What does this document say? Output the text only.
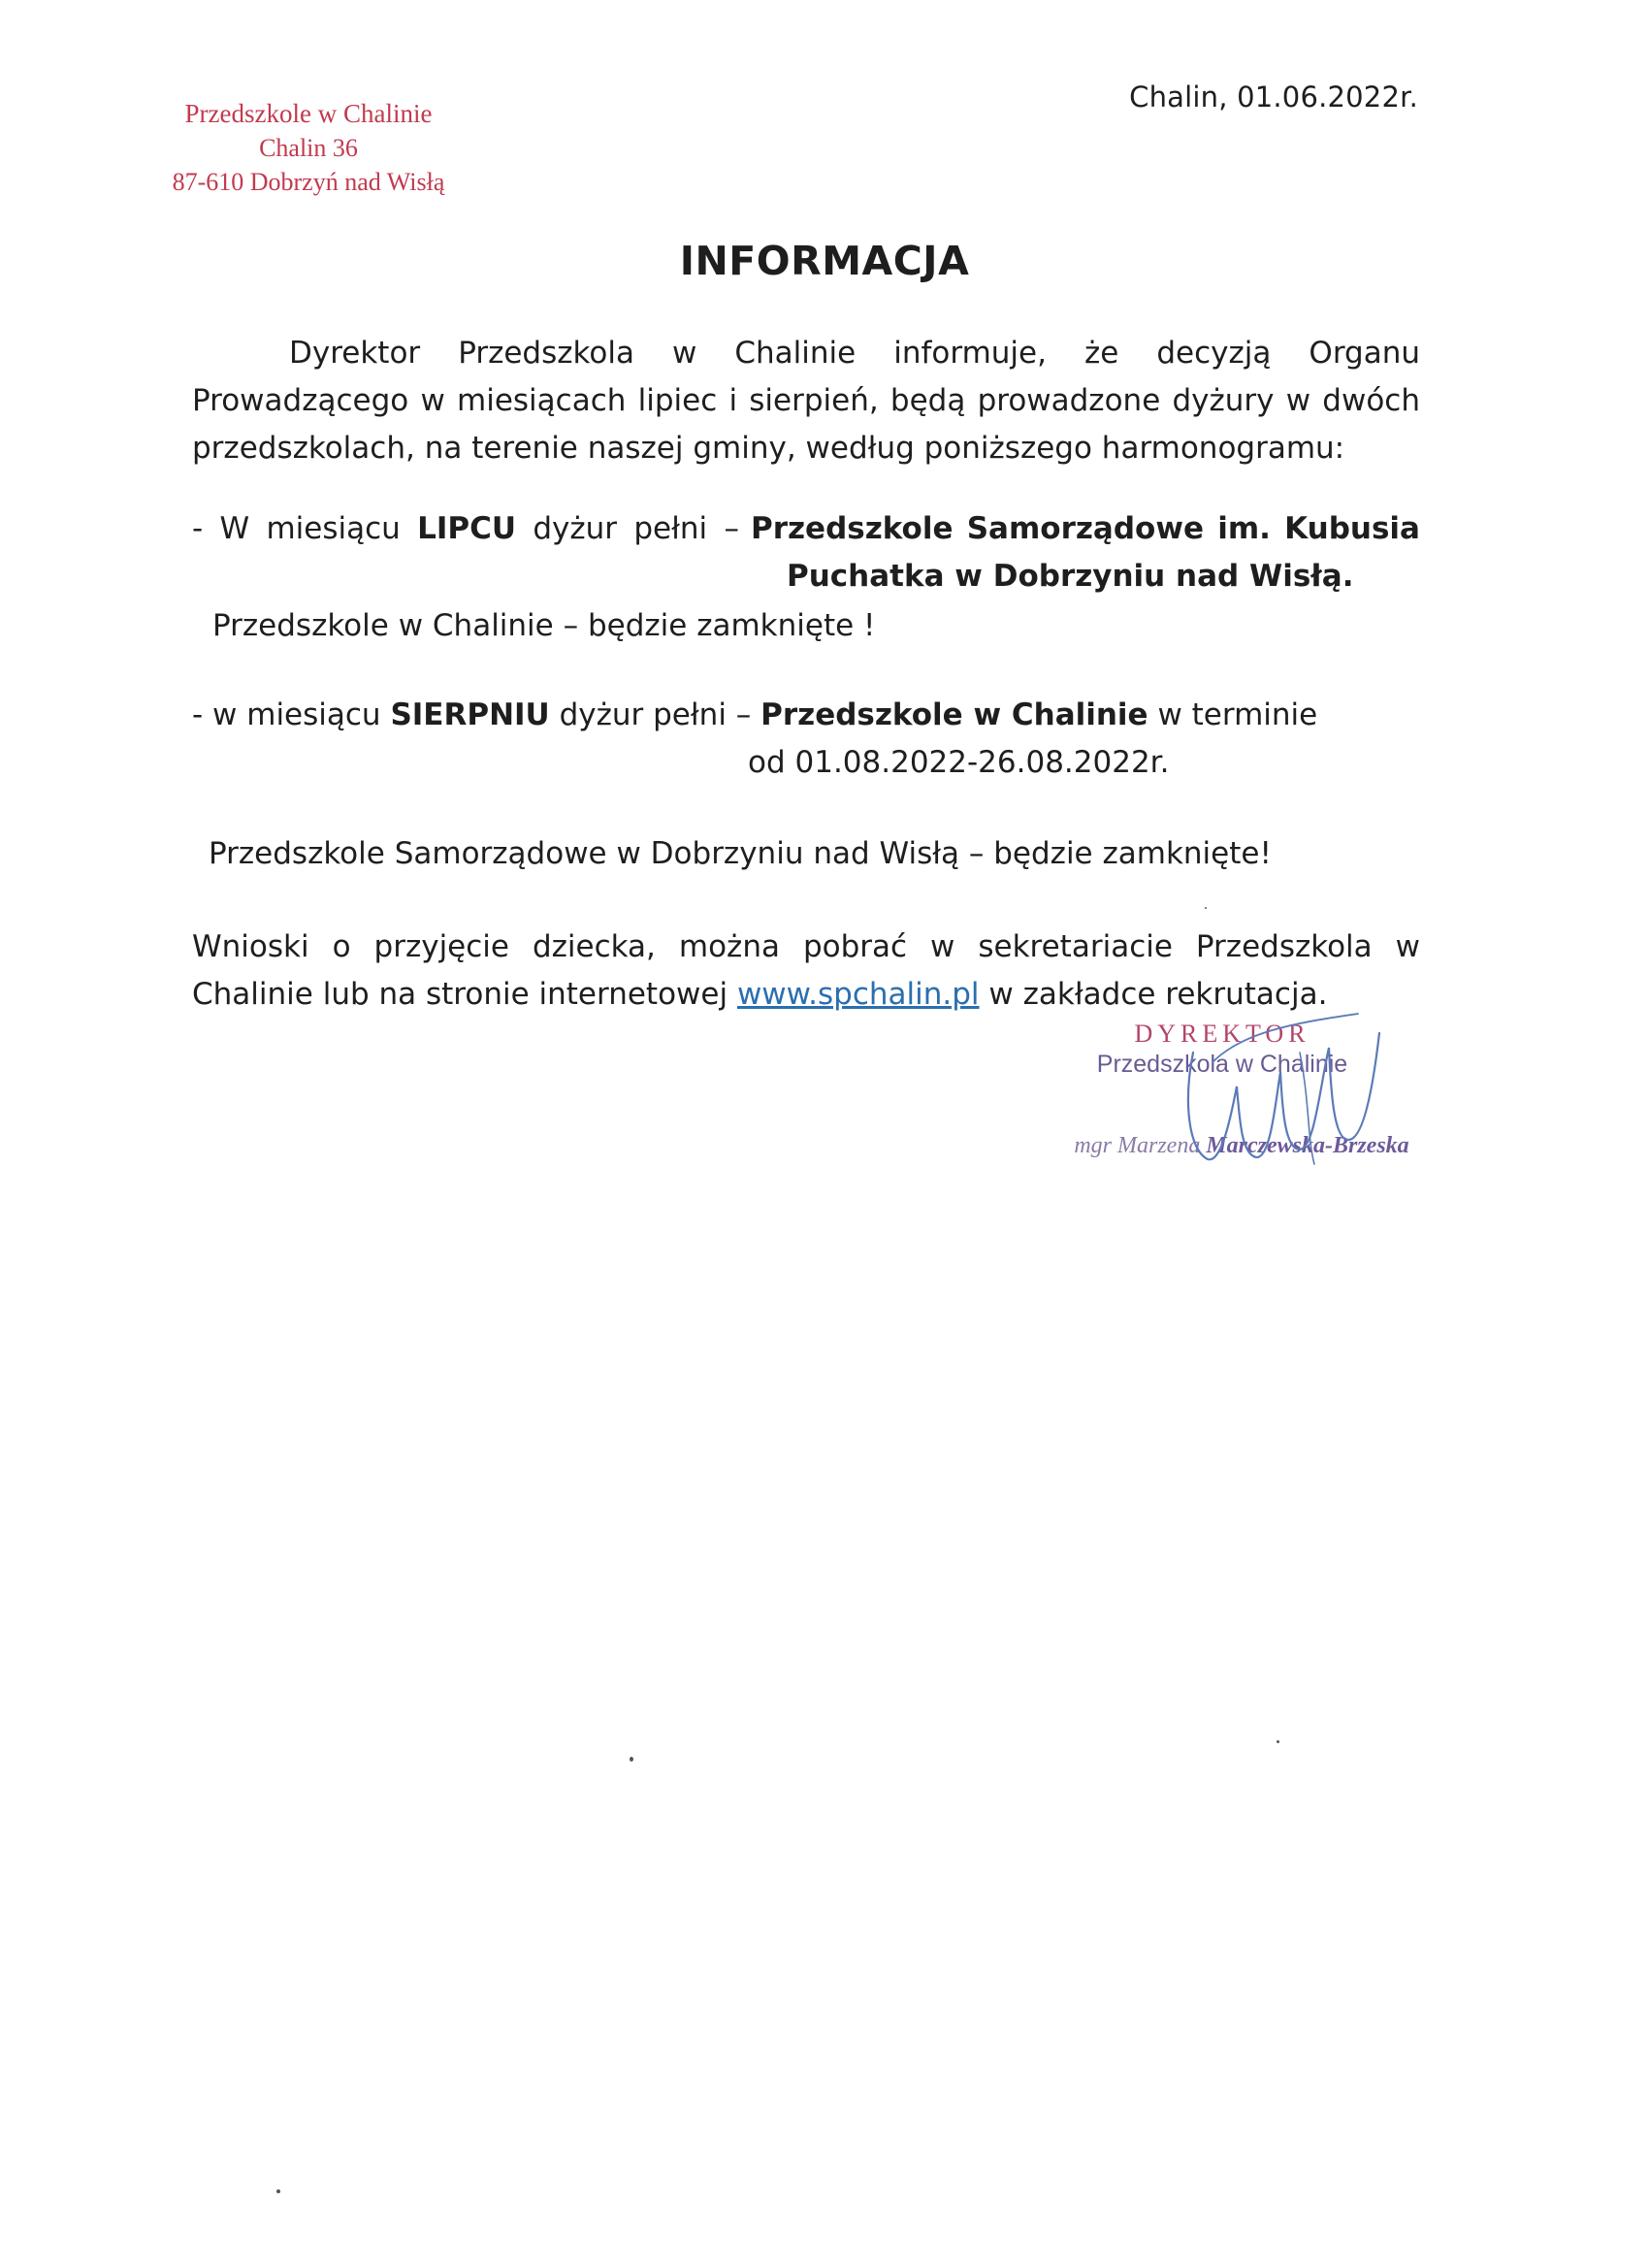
Przedszkole w Chalinie
Chalin 36
87-610 Dobrzyń nad Wisłą
Chalin, 01.06.2022r.
INFORMACJA
Dyrektor Przedszkola w Chalinie informuje, że decyzją Organu Prowadzącego w miesiącach lipiec i sierpień, będą prowadzone dyżury w dwóch przedszkolach, na terenie naszej gminy, według poniższego harmonogramu:
- W miesiącu LIPCU dyżur pełni – Przedszkole Samorządowe im. Kubusia
Puchatka w Dobrzyniu nad Wisłą.
Przedszkole w Chalinie – będzie zamknięte !
- w miesiącu SIERPNIU dyżur pełni – Przedszkole w Chalinie w terminie
od 01.08.2022-26.08.2022r.
Przedszkole Samorządowe w Dobrzyniu nad Wisłą – będzie zamknięte!
Wnioski o przyjęcie dziecka, można pobrać w sekretariacie Przedszkola w Chalinie lub na stronie internetowej www.spchalin.pl w zakładce rekrutacja.
DYREKTOR
Przedszkola w Chalinie
mgr Marzena Marczewska-Brzeska
